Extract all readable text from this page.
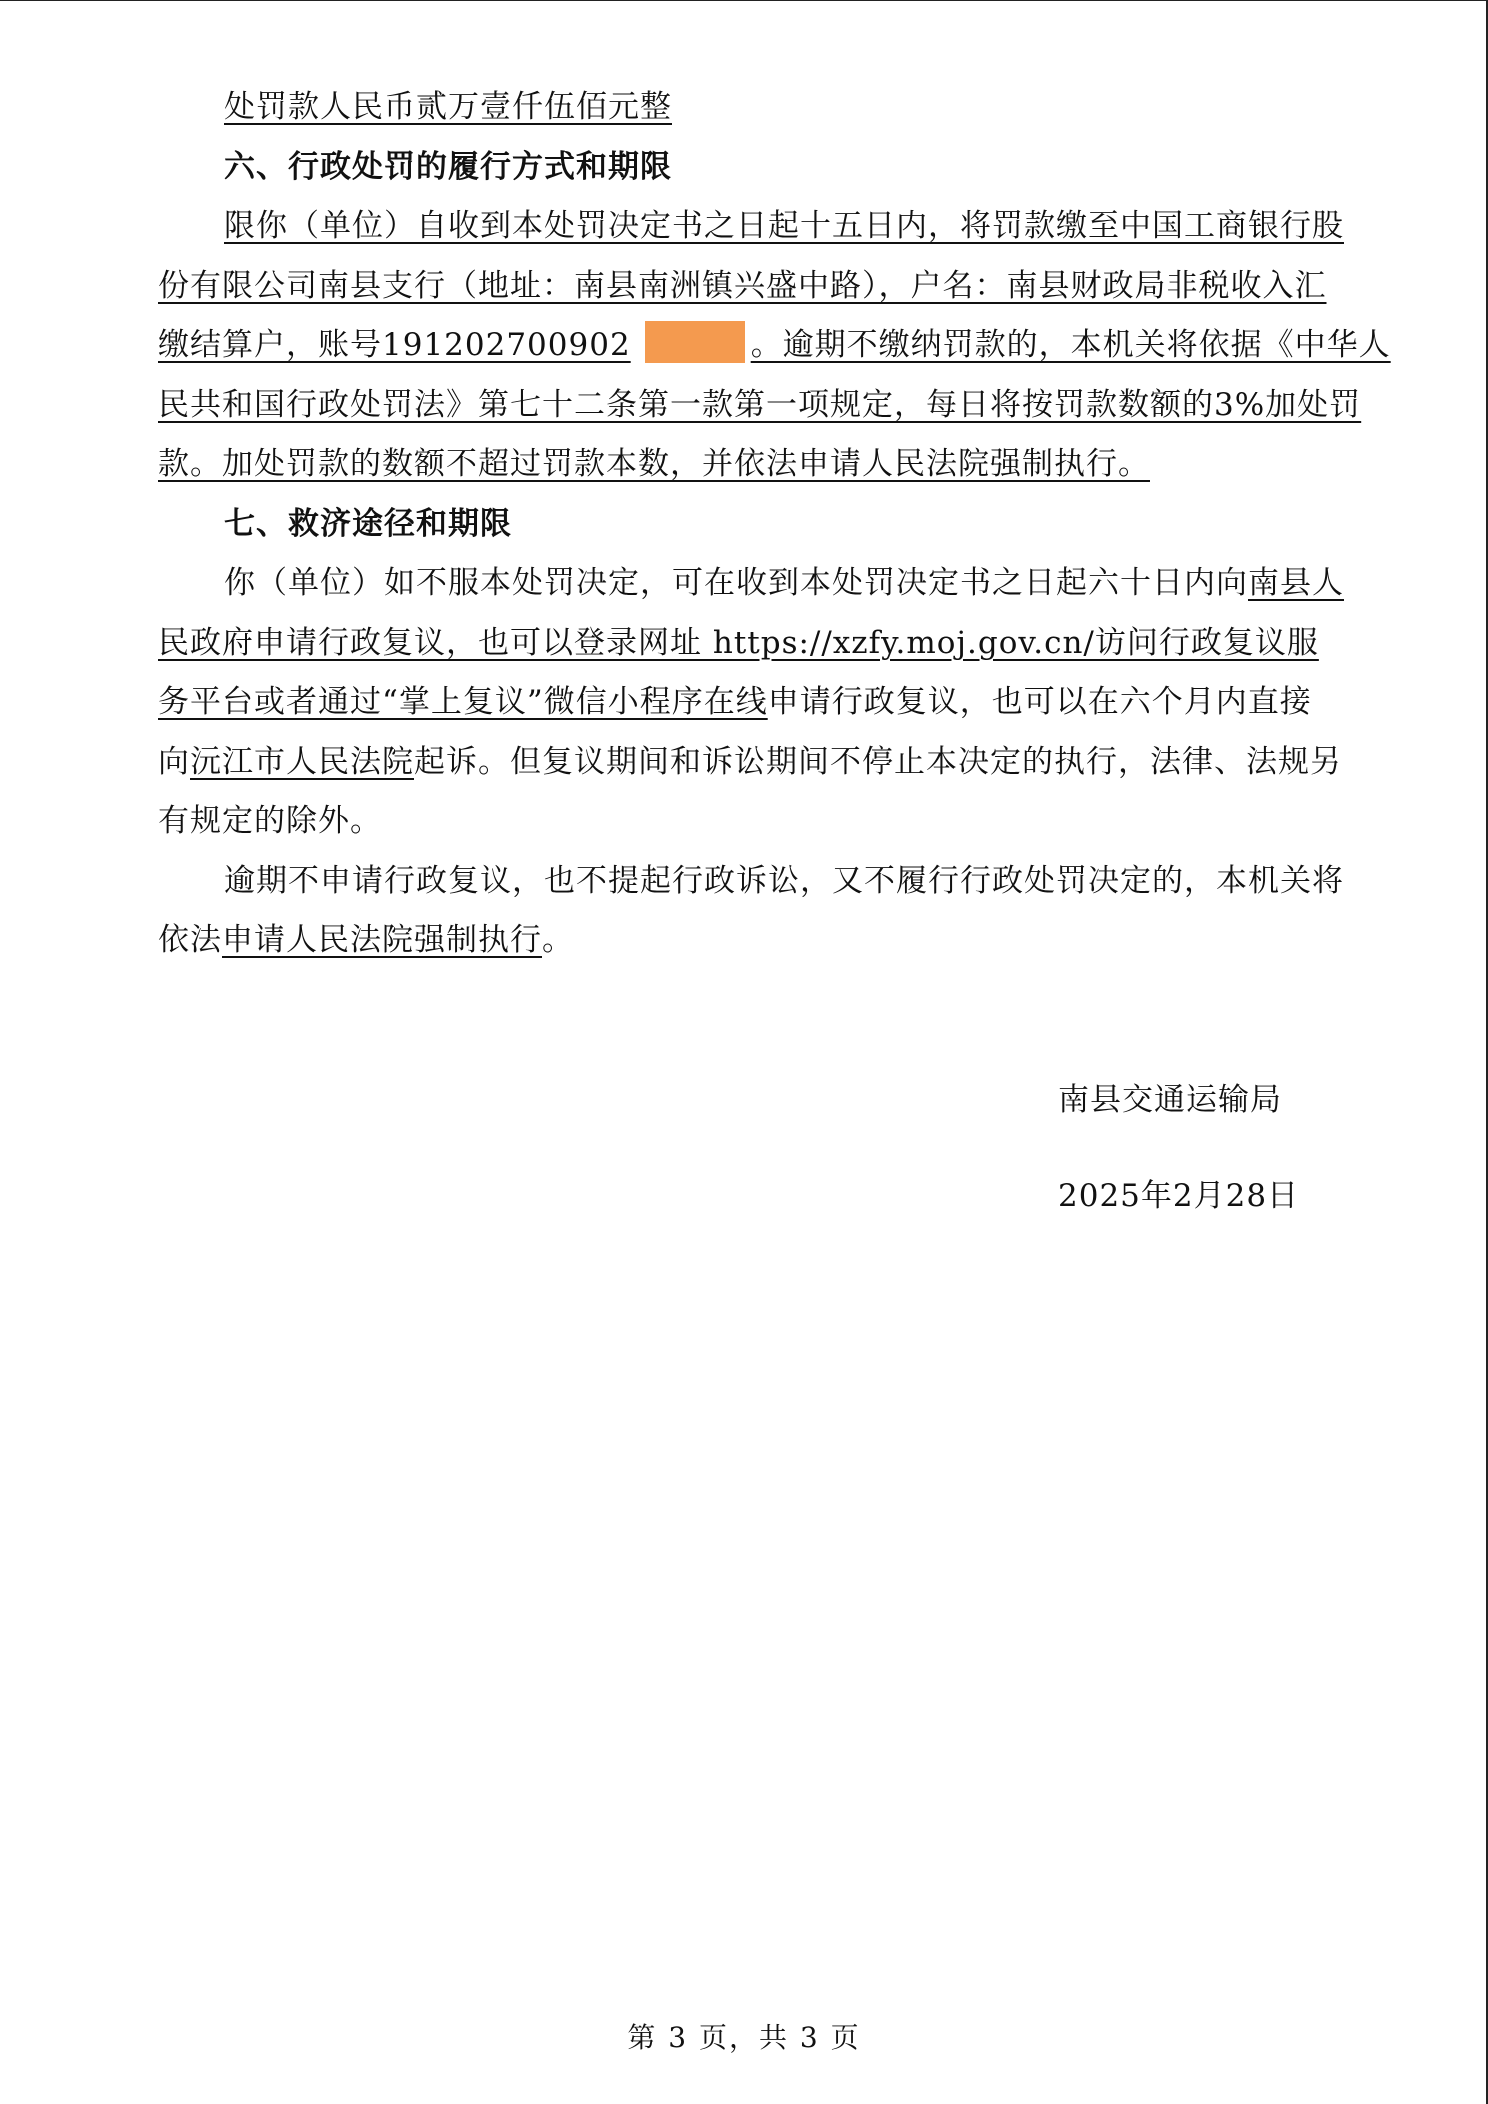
处罚款人民币贰万壹仟伍佰元整
六、行政处罚的履行方式和期限
限你（单位）自收到本处罚决定书之日起十五日内，将罚款缴至中国工商银行股
份有限公司南县支行（地址：南县南洲镇兴盛中路），户名：南县财政局非税收入汇
缴结算户，账号191202700902	。逾期不缴纳罚款的，本机关将依据《中华人
民共和国行政处罚法》第七十二条第一款第一项规定，每日将按罚款数额的3%加处罚
款。加处罚款的数额不超过罚款本数，并依法申请人民法院强制执行。
七、救济途径和期限
你（单位）如不服本处罚决定，可在收到本处罚决定书之日起六十日内向南县人
民政府申请行政复议，也可以登录网址 https://xzfy.moj.gov.cn/访问行政复议服
务平台或者通过“掌上复议”微信小程序在线申请行政复议，也可以在六个月内直接
向沅江市人民法院起诉。但复议期间和诉讼期间不停止本决定的执行，法律、法规另
有规定的除外。
逾期不申请行政复议，也不提起行政诉讼，又不履行行政处罚决定的，本机关将
依法申请人民法院强制执行。
南县交通运输局
2025年2月28日
第 3 页，共 3 页
